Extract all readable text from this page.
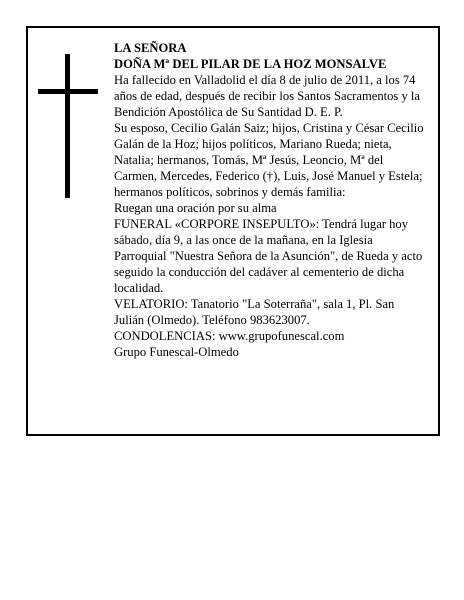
LA SEÑORA

DOÑA Mª DEL PILAR DE LA HOZ MONSALVE

Ha fallecido en Valladolid el día 8 de julio de 2011, a los 74 años de edad, después de recibir los Santos Sacramentos y la Bendición Apostólica de Su Santidad D. E. P.

Su esposo, Cecilio Galán Saiz; hijos, Cristina y César Cecilio Galán de la Hoz; hijos políticos, Mariano Rueda; nieta, Natalia; hermanos, Tomás, Mª Jesús, Leoncio, Mª del Carmen, Mercedes, Federico (†), Luis, José Manuel y Estela; hermanos políticos, sobrinos y demás familia:

Ruegan una oración por su alma

FUNERAL «CORPORE INSEPULTO»: Tendrá lugar hoy sábado, día 9, a las once de la mañana, en la Iglesia Parroquial "Nuestra Señora de la Asunción", de Rueda y acto seguido la conducción del cadáver al cementerio de dicha localidad.

VELATORIO: Tanatorio "La Soterraña", sala 1, Pl. San Julián (Olmedo). Teléfono 983623007.

CONDOLENCIAS: www.grupofunescal.com

Grupo Funescal-Olmedo
